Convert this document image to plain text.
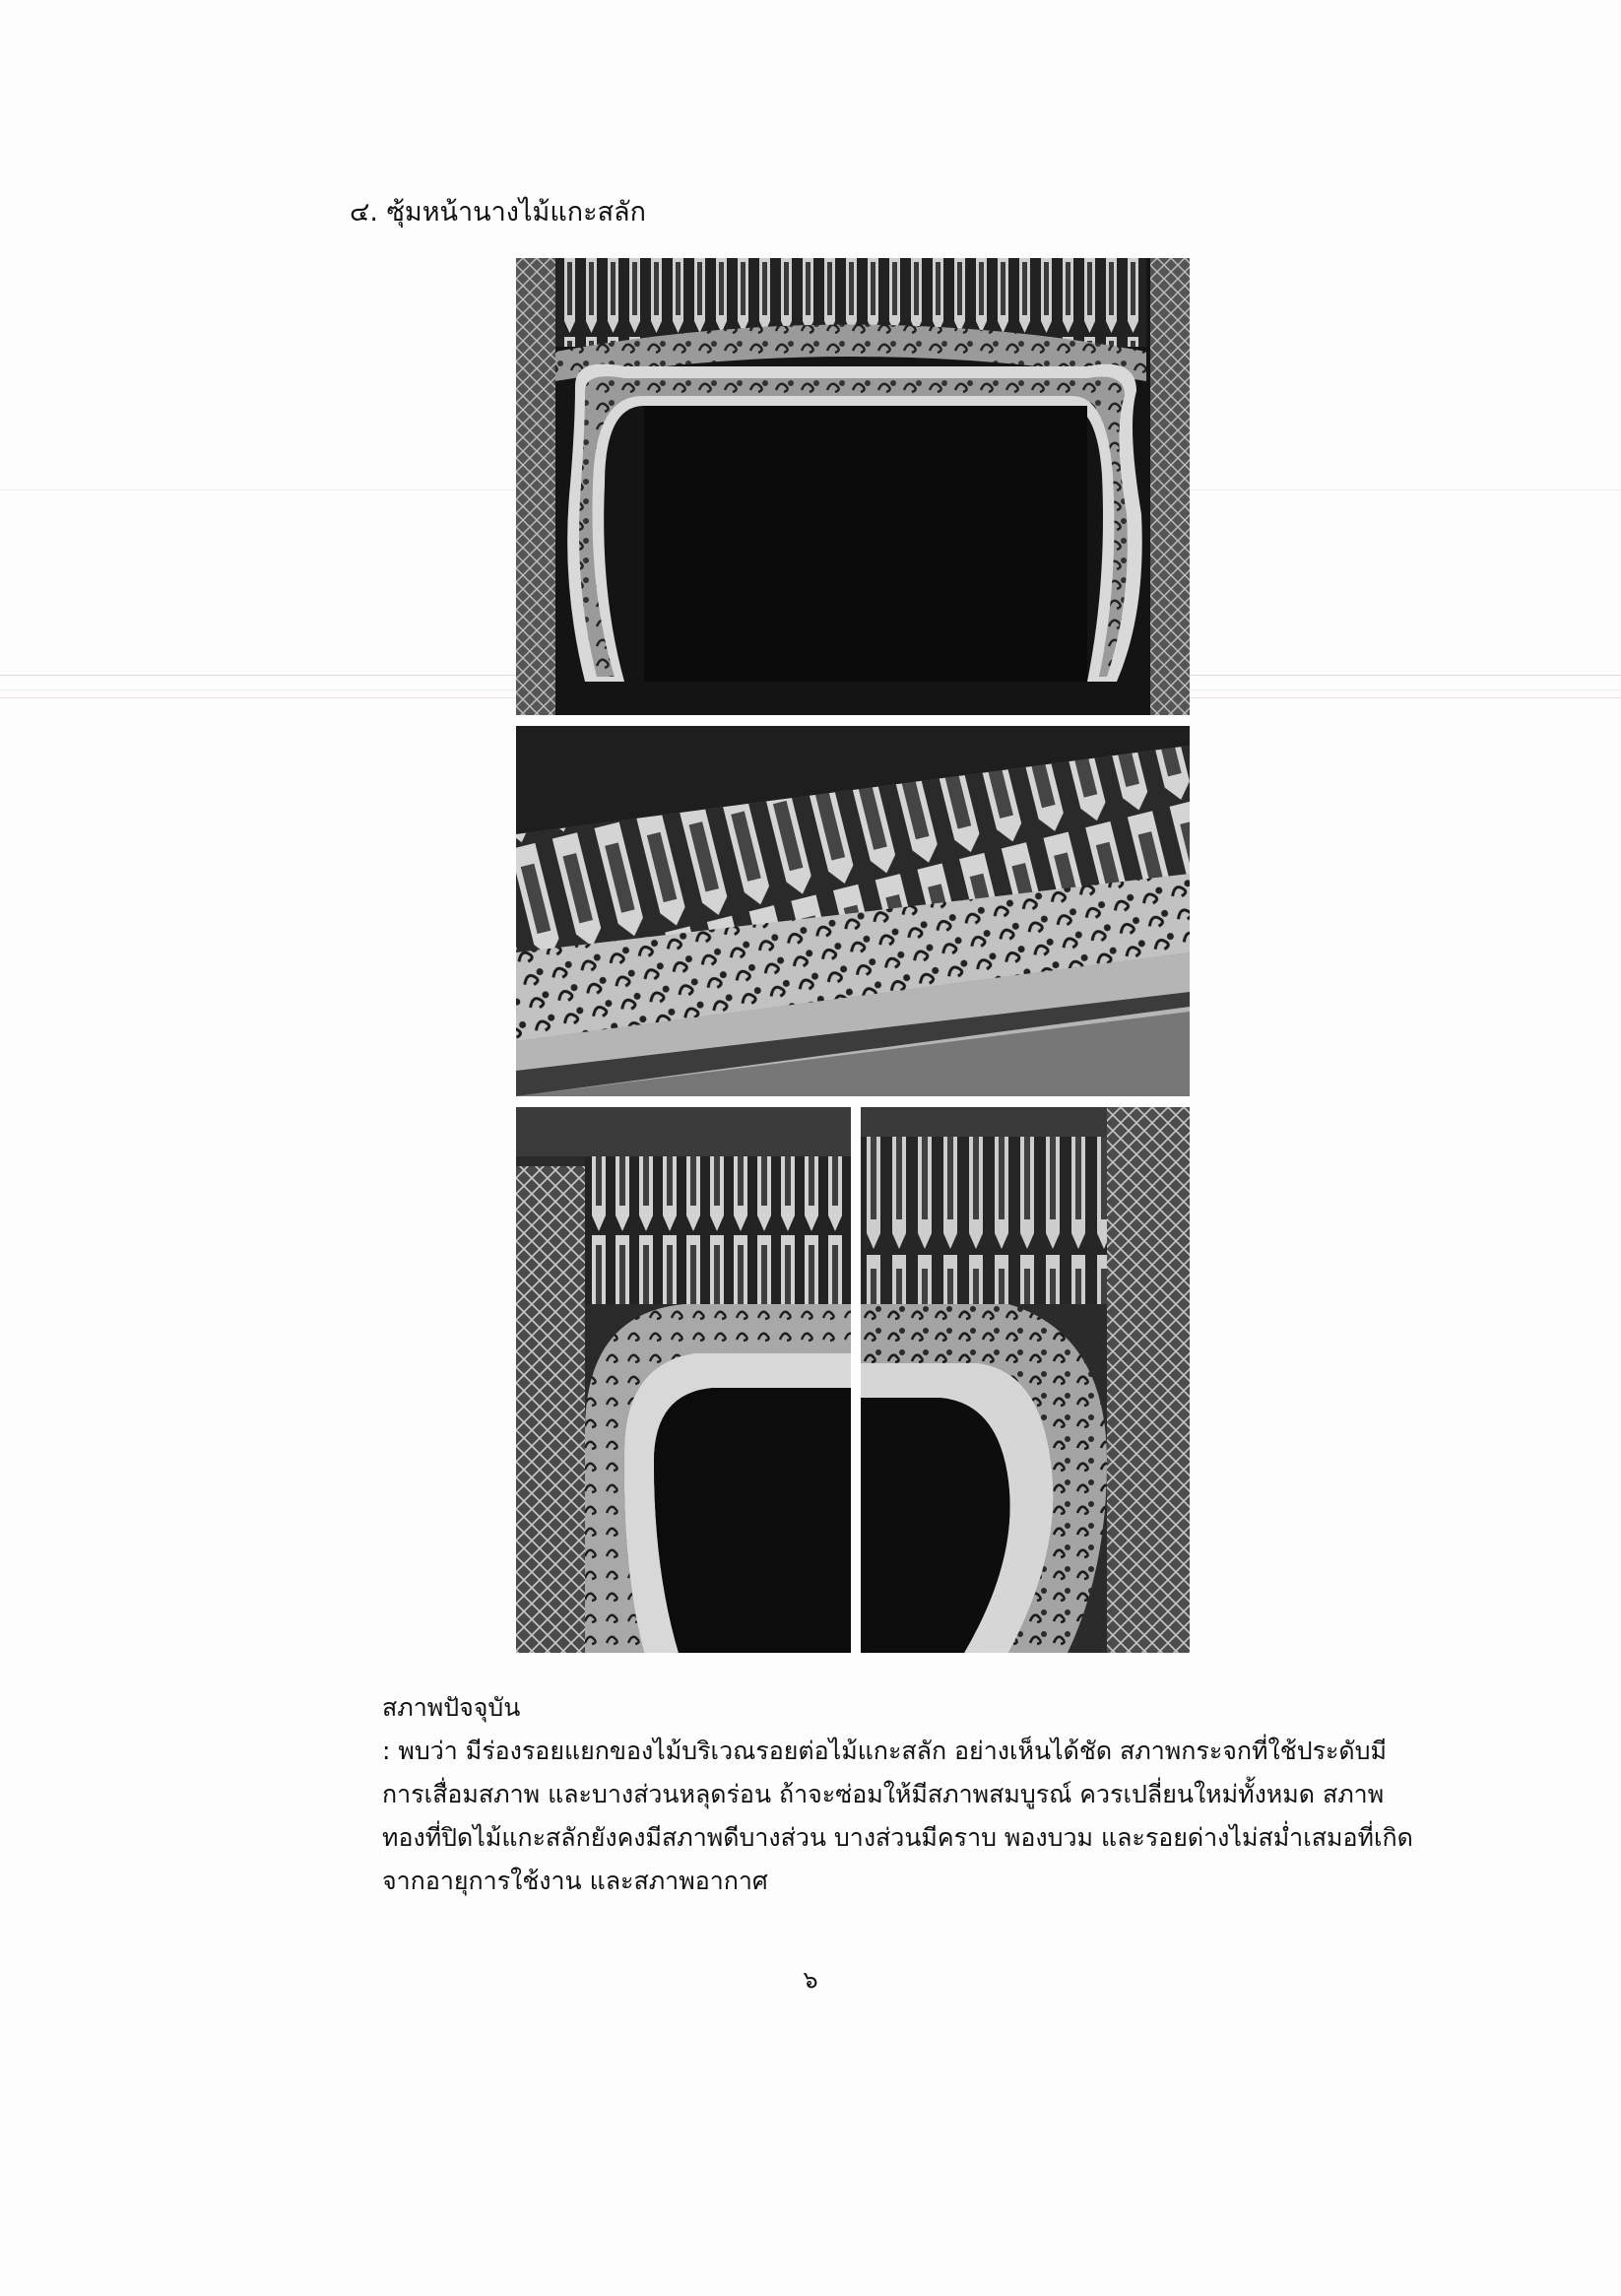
๔. ซุ้มหน้านางไม้แกะสลัก

สภาพปัจจุบัน

: พบว่า มีร่องรอยแยกของไม้บริเวณรอยต่อไม้แกะสลัก อย่างเห็นได้ชัด สภาพกระจกที่ใช้ประดับมี

การเสื่อมสภาพ และบางส่วนหลุดร่อน ถ้าจะซ่อมให้มีสภาพสมบูรณ์ ควรเปลี่ยนใหม่ทั้งหมด สภาพ

ทองที่ปิดไม้แกะสลักยังคงมีสภาพดีบางส่วน บางส่วนมีคราบ พองบวม และรอยด่างไม่สม่ำเสมอที่เกิด

จากอายุการใช้งาน และสภาพอากาศ

๖
